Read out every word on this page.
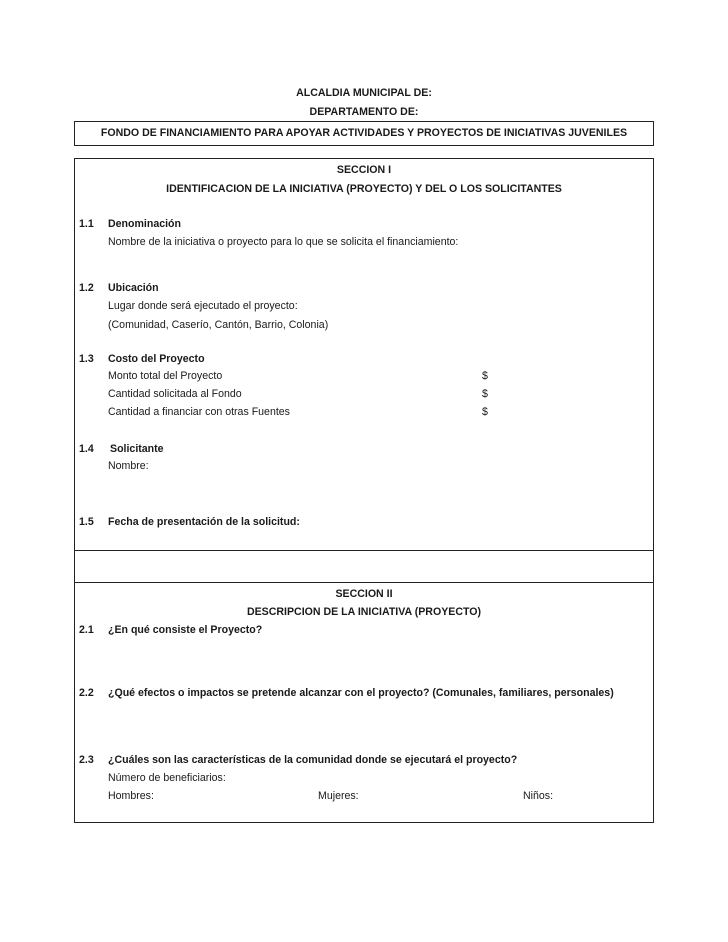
ALCALDIA MUNICIPAL DE:
DEPARTAMENTO DE:
FONDO DE FINANCIAMIENTO PARA APOYAR ACTIVIDADES Y PROYECTOS DE INICIATIVAS JUVENILES
SECCION I
IDENTIFICACION DE LA INICIATIVA (PROYECTO) Y DEL O LOS SOLICITANTES
1.1 Denominación
Nombre de la iniciativa o proyecto para lo que se solicita el financiamiento:
1.2 Ubicación
Lugar donde será ejecutado el proyecto:
(Comunidad, Caserío, Cantón, Barrio, Colonia)
1.3 Costo del Proyecto
Monto total del Proyecto	$
Cantidad solicitada al Fondo	$
Cantidad a financiar con otras Fuentes	$
1.4 Solicitante
Nombre:
1.5 Fecha de presentación de la solicitud:
SECCION II
DESCRIPCION DE LA INICIATIVA (PROYECTO)
2.1 ¿En qué consiste el Proyecto?
2.2 ¿Qué efectos o impactos se pretende alcanzar con el proyecto? (Comunales, familiares, personales)
2.3 ¿Cuáles son las características de la comunidad donde se ejecutará el proyecto?
Número de beneficiarios:
Hombres:	Mujeres:	Niños:
